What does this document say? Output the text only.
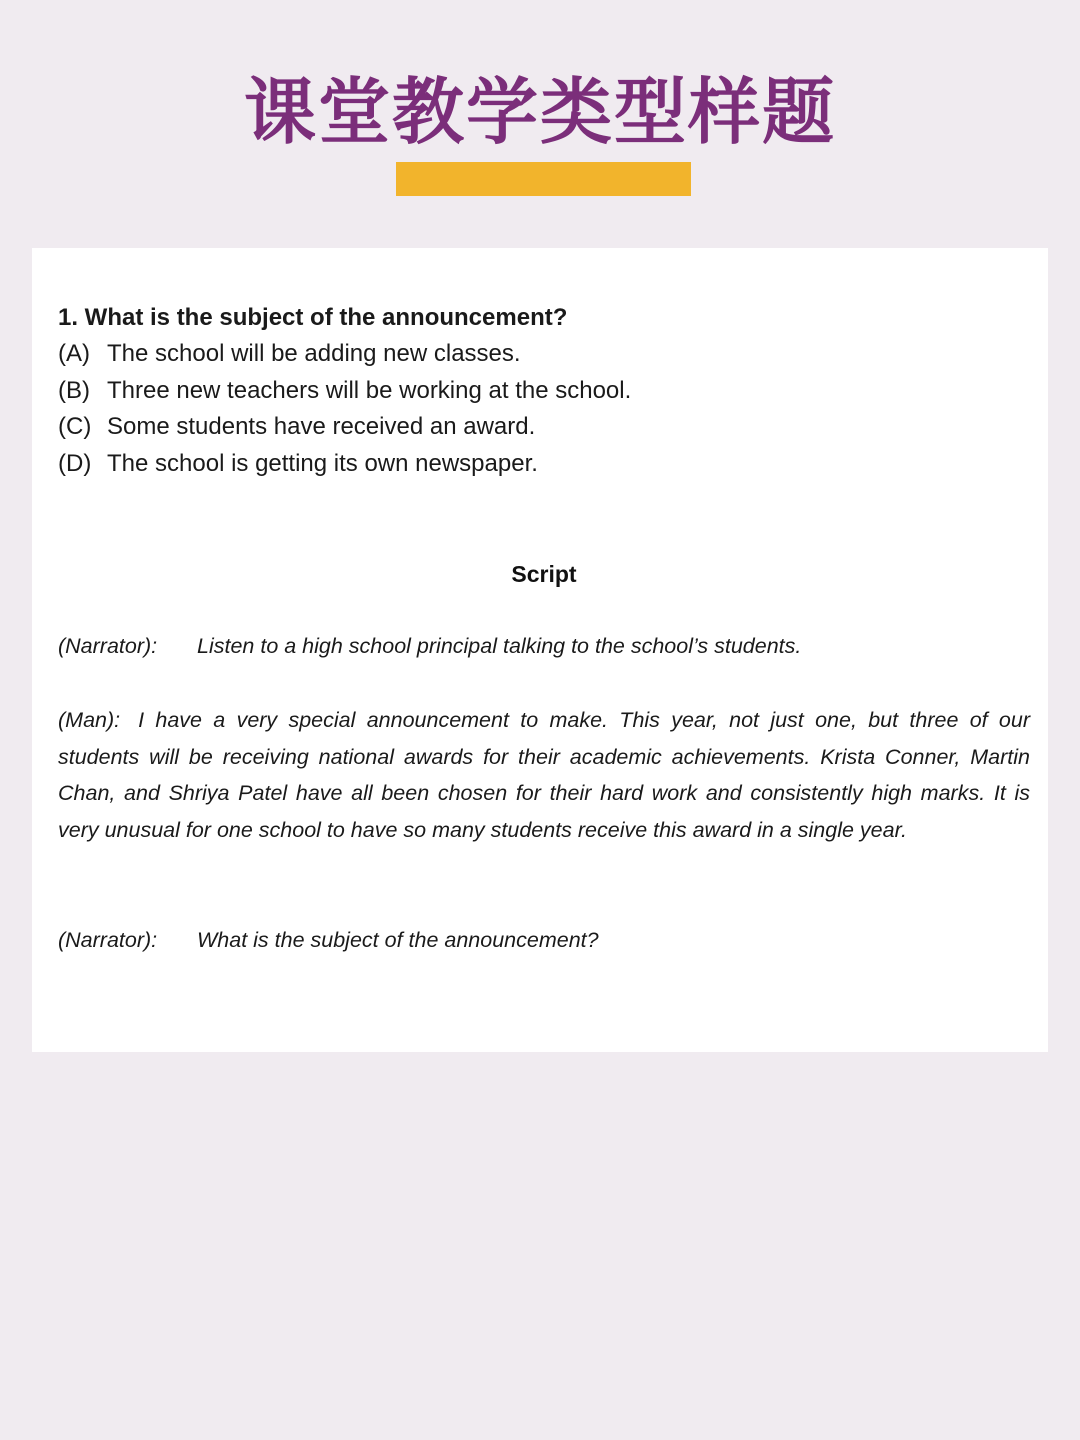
课堂教学类型样题

1. What is the subject of the announcement?

(A) The school will be adding new classes.

(B) Three new teachers will be working at the school.

(C) Some students have received an award.

(D) The school is getting its own newspaper.

Script

(Narrator): Listen to a high school principal talking to the school’s students.

(Man): I have a very special announcement to make. This year, not just one, but three of our students will be receiving national awards for their academic achievements. Krista Conner, Martin Chan, and Shriya Patel have all been chosen for their hard work and consistently high marks. It is very unusual for one school to have so many students receive this award in a single year.

(Narrator): What is the subject of the announcement?
